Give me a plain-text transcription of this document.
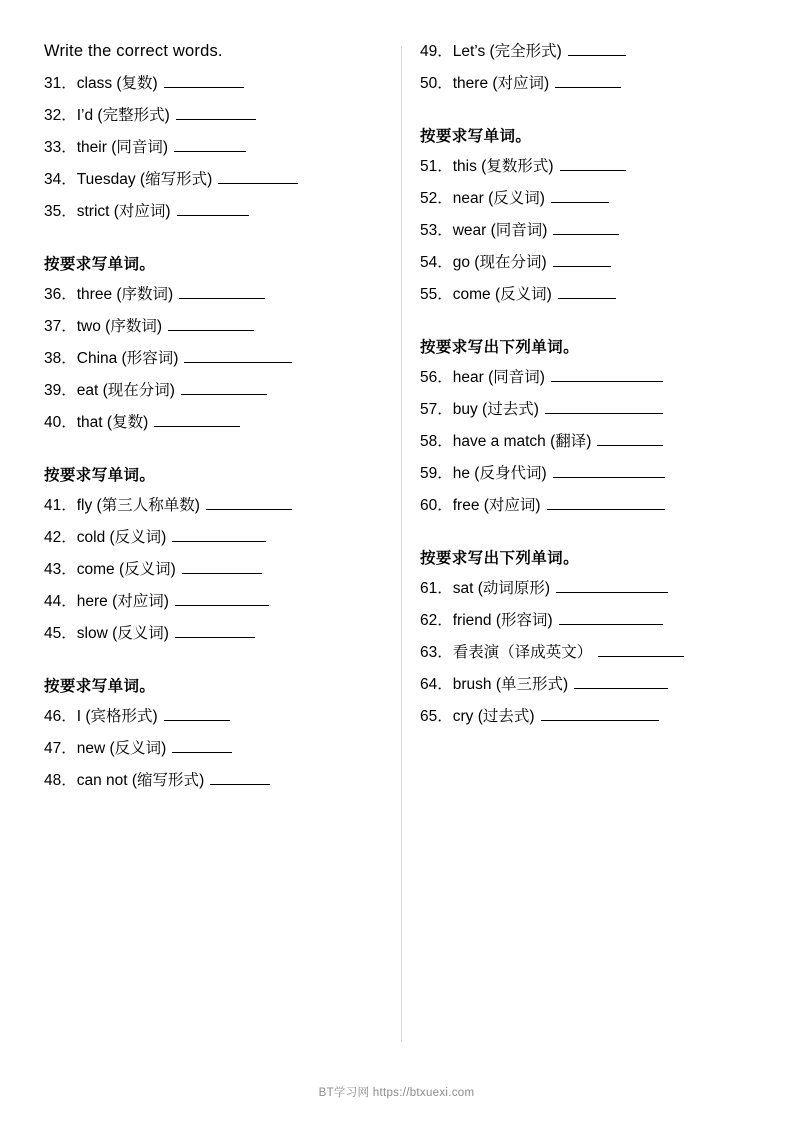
Write the correct words.
31．class (复数)
32．I’d (完整形式)
33．their (同音词)
34．Tuesday (缩写形式)
35．strict (对应词)
按要求写单词。
36．three (序数词)
37．two (序数词)
38．China (形容词)
39．eat (现在分词)
40．that (复数)
按要求写单词。
41．fly (第三人称单数)
42．cold (反义词)
43．come (反义词)
44．here (对应词)
45．slow (反义词)
按要求写单词。
46．I (宾格形式)
47．new (反义词)
48．can not (缩写形式)
49．Let’s (完全形式)
50．there (对应词)
按要求写单词。
51．this (复数形式)
52．near (反义词)
53．wear (同音词)
54．go (现在分词)
55．come (反义词)
按要求写出下列单词。
56．hear (同音词)
57．buy (过去式)
58．have a match (翻译)
59．he (反身代词)
60．free (对应词)
按要求写出下列单词。
61．sat (动词原形)
62．friend (形容词)
63．看表演（译成英文）
64．brush (单三形式)
65．cry (过去式)
BT学习网 https://btxuexi.com
